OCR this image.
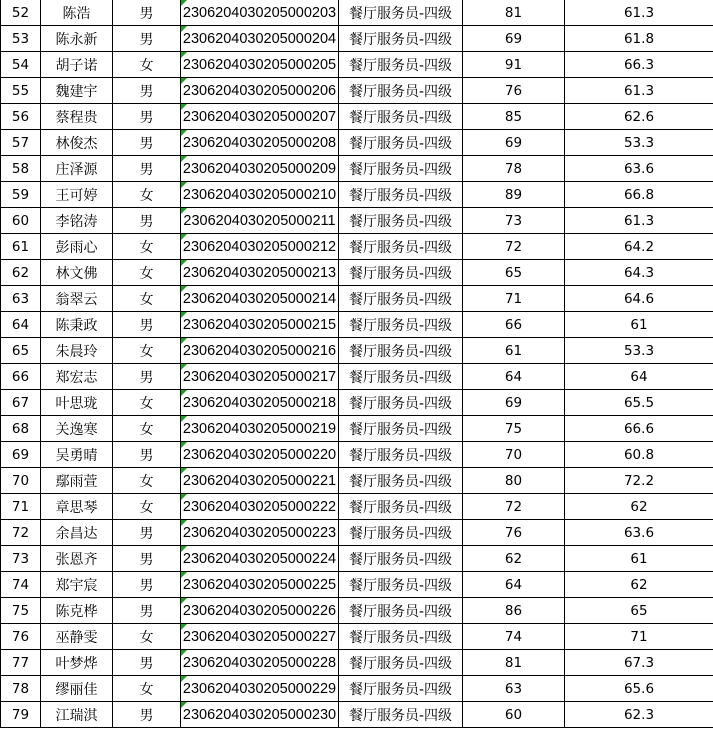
52	陈浩	男	2306204030205000203	餐厅服务员-四级	81	61.3
53	陈永新	男	2306204030205000204	餐厅服务员-四级	69	61.8
54	胡子诺	女	2306204030205000205	餐厅服务员-四级	91	66.3
55	魏建宇	男	2306204030205000206	餐厅服务员-四级	76	61.3
56	蔡程贵	男	2306204030205000207	餐厅服务员-四级	85	62.6
57	林俊杰	男	2306204030205000208	餐厅服务员-四级	69	53.3
58	庄泽源	男	2306204030205000209	餐厅服务员-四级	78	63.6
59	王可婷	女	2306204030205000210	餐厅服务员-四级	89	66.8
60	李铭涛	男	2306204030205000211	餐厅服务员-四级	73	61.3
61	彭雨心	女	2306204030205000212	餐厅服务员-四级	72	64.2
62	林文佛	女	2306204030205000213	餐厅服务员-四级	65	64.3
63	翁翠云	女	2306204030205000214	餐厅服务员-四级	71	64.6
64	陈秉政	男	2306204030205000215	餐厅服务员-四级	66	61
65	朱晨玲	女	2306204030205000216	餐厅服务员-四级	61	53.3
66	郑宏志	男	2306204030205000217	餐厅服务员-四级	64	64
67	叶思珑	女	2306204030205000218	餐厅服务员-四级	69	65.5
68	关逸寒	女	2306204030205000219	餐厅服务员-四级	75	66.6
69	吴勇晴	男	2306204030205000220	餐厅服务员-四级	70	60.8
70	鄢雨萱	女	2306204030205000221	餐厅服务员-四级	80	72.2
71	章思琴	女	2306204030205000222	餐厅服务员-四级	72	62
72	余昌达	男	2306204030205000223	餐厅服务员-四级	76	63.6
73	张恩齐	男	2306204030205000224	餐厅服务员-四级	62	61
74	郑宇宸	男	2306204030205000225	餐厅服务员-四级	64	62
75	陈克桦	男	2306204030205000226	餐厅服务员-四级	86	65
76	巫静雯	女	2306204030205000227	餐厅服务员-四级	74	71
77	叶梦烨	男	2306204030205000228	餐厅服务员-四级	81	67.3
78	缪丽佳	女	2306204030205000229	餐厅服务员-四级	63	65.6
79	江瑞淇	男	2306204030205000230	餐厅服务员-四级	60	62.3
